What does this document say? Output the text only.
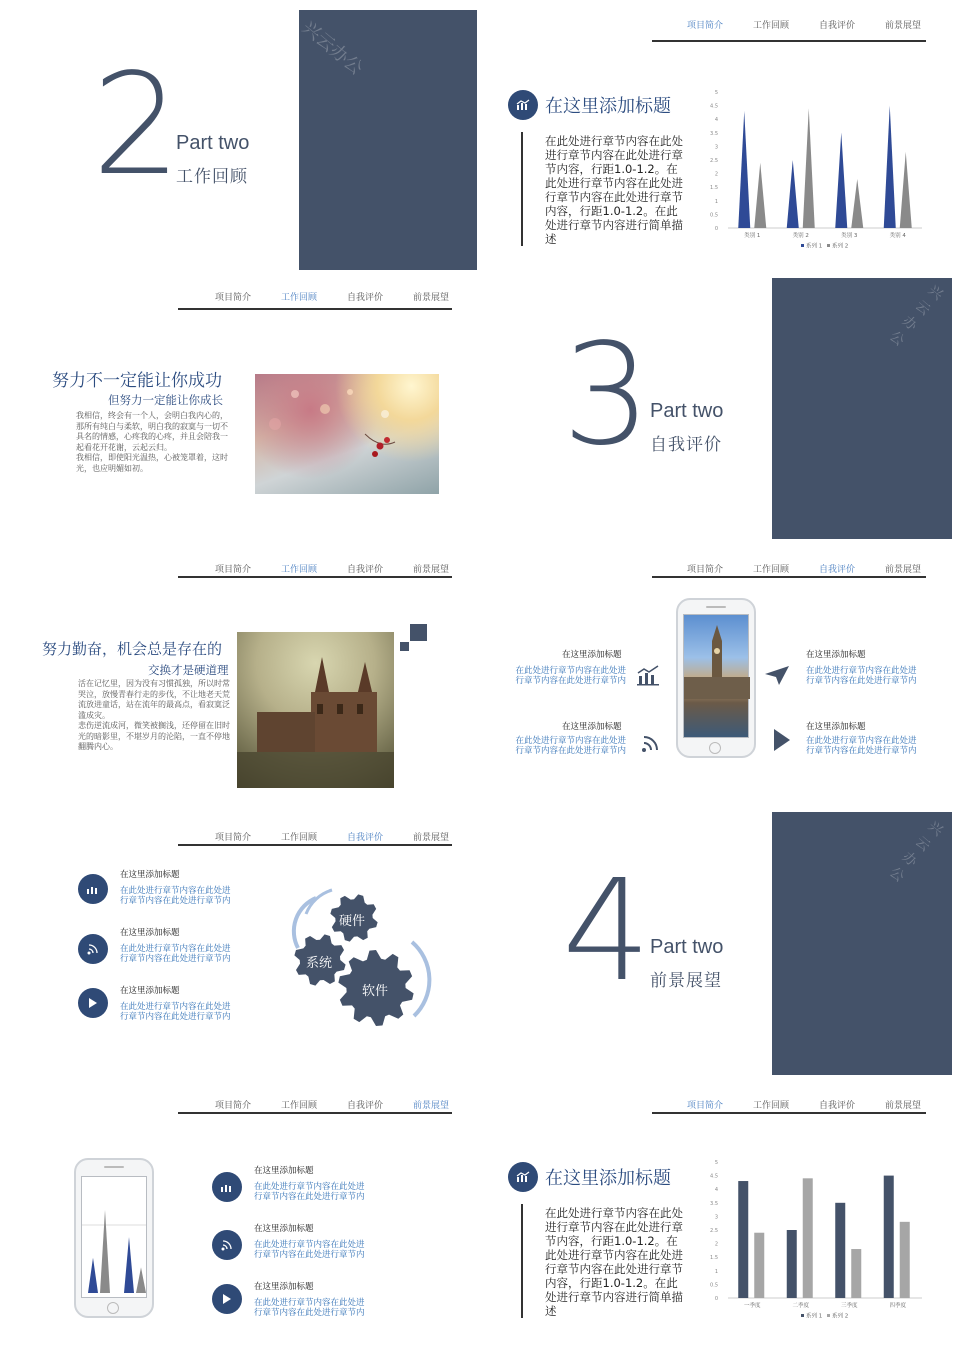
2
Part two
工作回顾
兴云办公	项目简介	工作回顾	自我评价	前景展望
在这里添加标题
在此处进行章节内容在此处进行章节内容在此处进行章节内容，行距1.0-1.2。在此处进行章节内容在此处进行章节内容在此处进行章节内容，行距1.0-1.2。在此处进行章节内容进行简单描述
0
0.5
1
1.5
2
2.5
3
3.5
4
4.5
5
类别 1	类别 2	类别 3	类别 4
系列 1 系列 2
项目简介	工作回顾	自我评价	前景展望
努力不一定能让你成功
但努力一定能让你成长
我相信，终会有一个人，会明白我内心的，那所有纯白与柔软，明白我的寂寞与一切不具名的情感，心疼我的心疼，并且会陪我一起看花开花谢，云起云归。
我相信，即使阳光温热，心被笼罩着，这时光，也应明媚如初。
兴云办公
3
Part two
自我评价
项目简介	工作回顾	自我评价	前景展望
努力勤奋，机会总是存在的
交换才是硬道理
活在记忆里，因为没有习惯孤独，所以时常哭泣，放慢青春行走的步伐，不让地老天荒流放进童话，站在流年的最高点，看寂寞泛滥成灾。
悲伤逆流成河，微笑被搁浅，还停留在旧时光的暗影里，不堪岁月的沦陷，一直不停地翻腾内心。
项目简介	工作回顾	自我评价	前景展望
在这里添加标题
在此处进行章节内容在此处进行章节内容在此处进行章节内
在这里添加标题
在此处进行章节内容在此处进行章节内容在此处进行章节内
在这里添加标题
在此处进行章节内容在此处进行章节内容在此处进行章节内
在这里添加标题
在此处进行章节内容在此处进行章节内容在此处进行章节内
项目简介	工作回顾	自我评价	前景展望
在这里添加标题
在此处进行章节内容在此处进行章节内容在此处进行章节内
在这里添加标题
在此处进行章节内容在此处进行章节内容在此处进行章节内
在这里添加标题
在此处进行章节内容在此处进行章节内容在此处进行章节内
硬件
系统
软件
兴云办公
4
Part two
前景展望
项目简介	工作回顾	自我评价	前景展望
在这里添加标题
在此处进行章节内容在此处进行章节内容在此处进行章节内
在这里添加标题
在此处进行章节内容在此处进行章节内容在此处进行章节内
在这里添加标题
在此处进行章节内容在此处进行章节内容在此处进行章节内
项目简介	工作回顾	自我评价	前景展望
在这里添加标题
在此处进行章节内容在此处进行章节内容在此处进行章节内容，行距1.0-1.2。在此处进行章节内容在此处进行章节内容在此处进行章节内容，行距1.0-1.2。在此处进行章节内容进行简单描述
0
0.5
1
1.5
2
2.5
3
3.5
4
4.5
5
一季度	二季度	三季度	四季度
系列 1 系列 2
